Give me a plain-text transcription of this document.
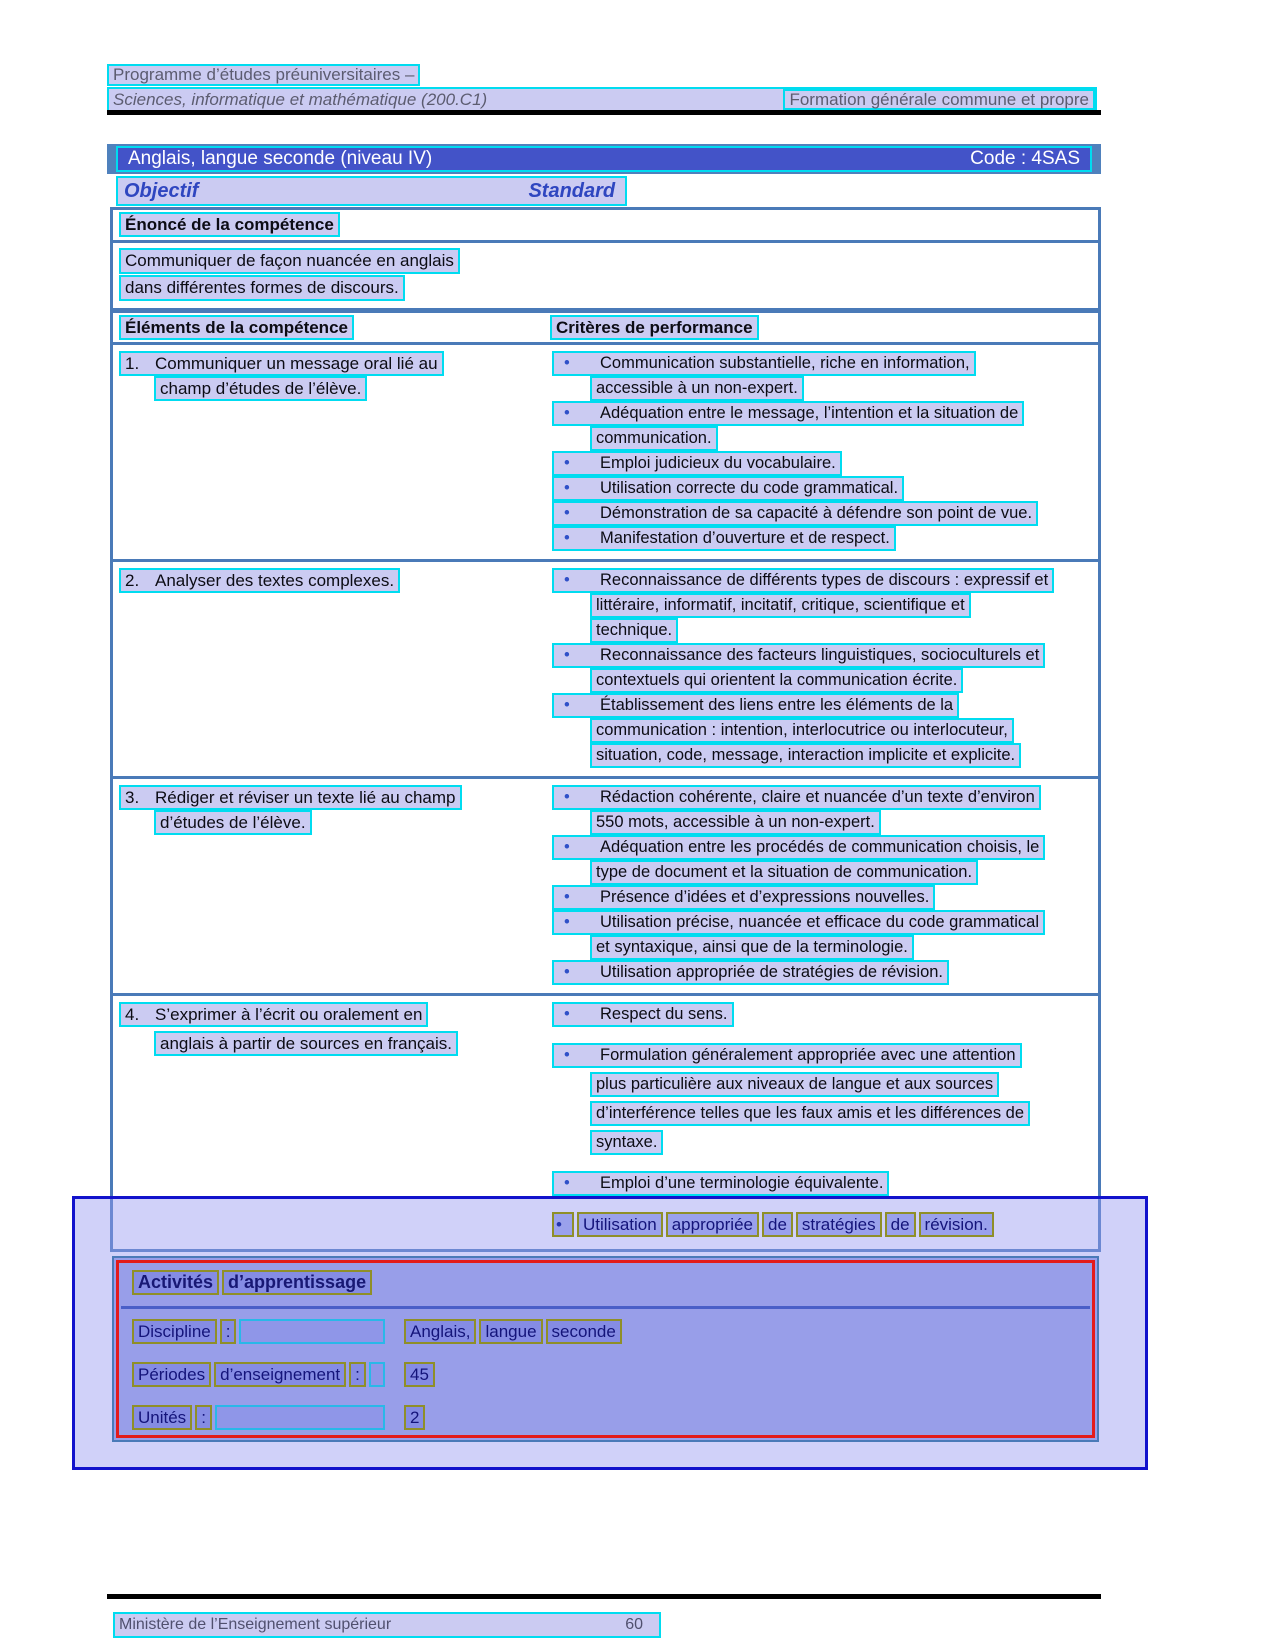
Programme d’études préuniversitaires –
Sciences, informatique et mathématique (200.C1)	Formation générale commune et propre
Anglais, langue seconde (niveau IV)	Code : 4SAS
Objectif	Standard
Énoncé de la compétence
Communiquer de façon nuancée en anglais
dans différentes formes de discours.
Éléments de la compétence	Critères de performance
1. Communiquer un message oral lié au
champ d’études de l’élève.
• Communication substantielle, riche en information,
accessible à un non-expert.
• Adéquation entre le message, l’intention et la situation de
communication.
• Emploi judicieux du vocabulaire.
• Utilisation correcte du code grammatical.
• Démonstration de sa capacité à défendre son point de vue.
• Manifestation d’ouverture et de respect.
2. Analyser des textes complexes.	• Reconnaissance de différents types de discours : expressif et
littéraire, informatif, incitatif, critique, scientifique et
technique.
• Reconnaissance des facteurs linguistiques, socioculturels et
contextuels qui orientent la communication écrite.
• Établissement des liens entre les éléments de la
communication : intention, interlocutrice ou interlocuteur,
situation, code, message, interaction implicite et explicite.
3. Rédiger et réviser un texte lié au champ
d’études de l’élève.
• Rédaction cohérente, claire et nuancée d’un texte d’environ
550 mots, accessible à un non-expert.
• Adéquation entre les procédés de communication choisis, le
type de document et la situation de communication.
• Présence d’idées et d’expressions nouvelles.
• Utilisation précise, nuancée et efficace du code grammatical
et syntaxique, ainsi que de la terminologie.
• Utilisation appropriée de stratégies de révision.
4. S’exprimer à l’écrit ou oralement en
anglais à partir de sources en français.
• Respect du sens.
• Formulation généralement appropriée avec une attention
plus particulière aux niveaux de langue et aux sources
d’interférence telles que les faux amis et les différences de
syntaxe.
• Emploi d’une terminologie équivalente.
• Utilisation appropriée de stratégies de révision.
Activités d’apprentissage
Discipline :	Anglais, langue seconde
Périodes d’enseignement :	45
Unités :	2
Ministère de l’Enseignement supérieur	60
